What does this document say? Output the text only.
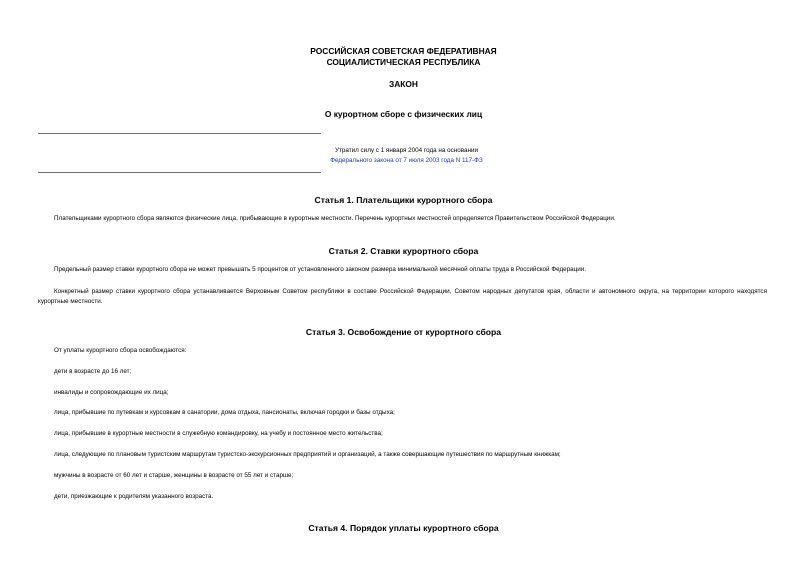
РОССИЙСКАЯ СОВЕТСКАЯ ФЕДЕРАТИВНАЯ
СОЦИАЛИСТИЧЕСКАЯ РЕСПУБЛИКА
ЗАКОН
О курортном сборе с физических лиц
Утратил силу с 1 января 2004 года на основании
Федерального закона от 7 июля 2003 года N 117-ФЗ
Статья 1. Плательщики курортного сбора
Плательщиками курортного сбора являются физические лица, прибывающие в курортные местности. Перечень курортных местностей определяется Правительством Российской Федерации.
Статья 2. Ставки курортного сбора
Предельный размер ставки курортного сбора не может превышать 5 процентов от установленного законом размера минимальной месячной оплаты труда в Российской Федерации.
Конкретный размер ставки курортного сбора устанавливается Верховным Советом республики в составе Российской Федерации, Советом народных депутатов края, области и автономного округа, на территории которого находятся курортные местности.
Статья 3. Освобождение от курортного сбора
От уплаты курортного сбора освобождаются:
дети в возрасте до 16 лет;
инвалиды и сопровождающие их лица;
лица, прибывшие по путевкам и курсовкам в санатории, дома отдыха, пансионаты, включая городки и базы отдыха;
лица, прибывшие в курортные местности в служебную командировку, на учебу и постоянное место жительства;
лица, следующие по плановым туристским маршрутам туристско-экскурсионных предприятий и организаций, а также совершающие путешествия по маршрутным книжкам;
мужчины в возрасте от 60 лет и старше, женщины в возрасте от 55 лет и старше;
дети, приезжающие к родителям указанного возраста.
Статья 4. Порядок уплаты курортного сбора
